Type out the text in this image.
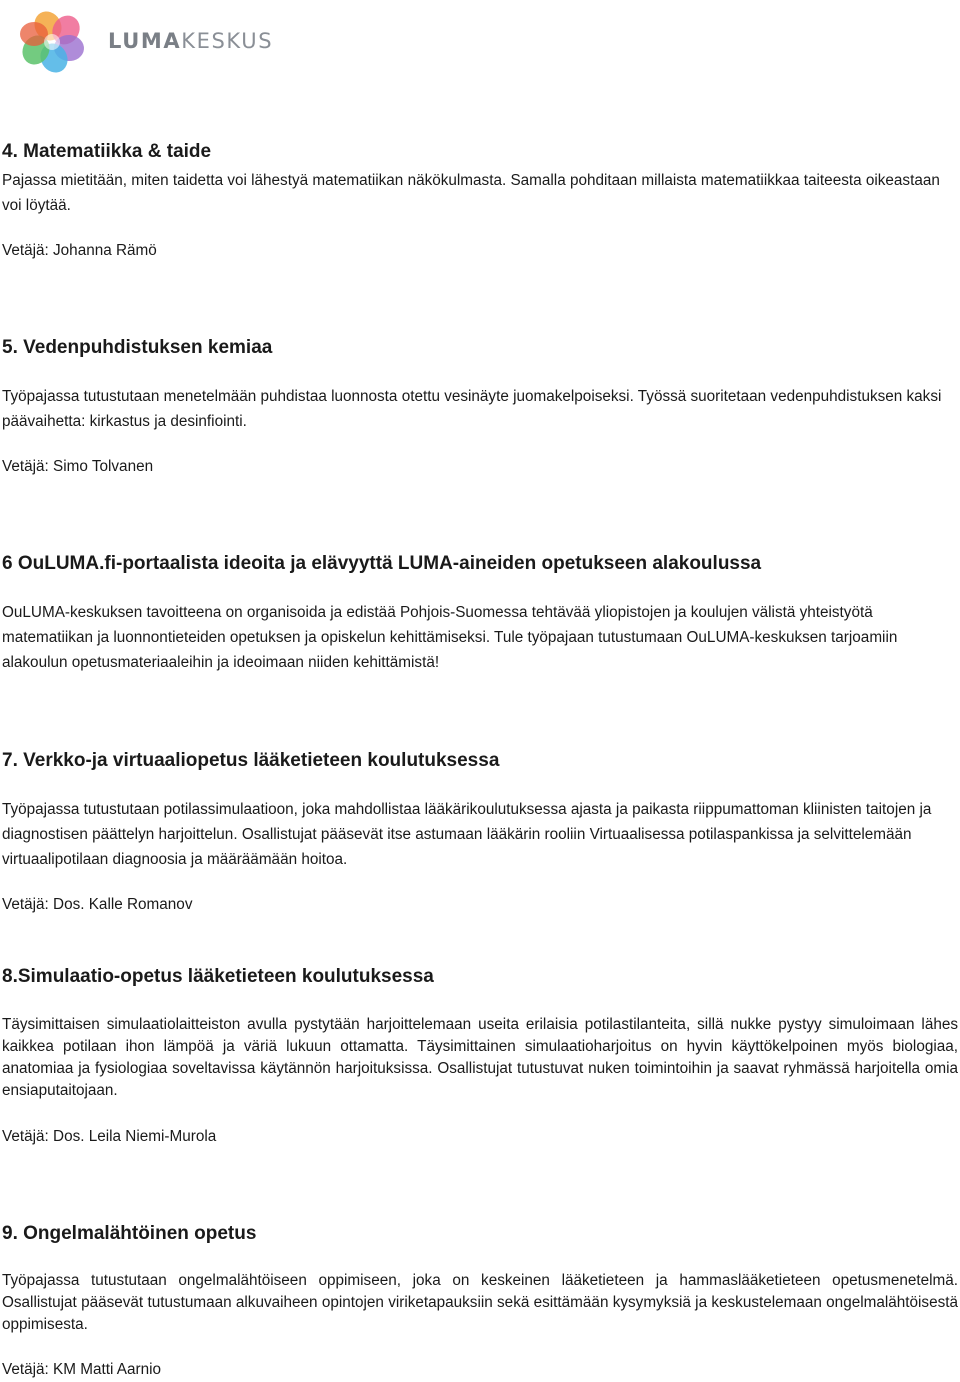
LUMAKESKUS
4. Matematiikka & taide

Pajassa mietitään, miten taidetta voi lähestyä matematiikan näkökulmasta. Samalla pohditaan millaista matematiikkaa taiteesta oikeastaan voi löytää.

Vetäjä: Johanna Rämö

5. Vedenpuhdistuksen kemiaa

Työpajassa tutustutaan menetelmään puhdistaa luonnosta otettu vesinäyte juomakelpoiseksi. Työssä suoritetaan vedenpuhdistuksen kaksi päävaihetta: kirkastus ja desinfiointi.

Vetäjä: Simo Tolvanen

6 OuLUMA.fi-portaalista ideoita ja elävyyttä LUMA-aineiden opetukseen alakoulussa

OuLUMA-keskuksen tavoitteena on organisoida ja edistää Pohjois-Suomessa tehtävää yliopistojen ja koulujen välistä yhteistyötä matematiikan ja luonnontieteiden opetuksen ja opiskelun kehittämiseksi. Tule työpajaan tutustumaan OuLUMA-keskuksen tarjoamiin alakoulun opetusmateriaaleihin ja ideoimaan niiden kehittämistä!

7. Verkko-ja virtuaaliopetus lääketieteen koulutuksessa

Työpajassa tutustutaan potilassimulaatioon, joka mahdollistaa lääkärikoulutuksessa ajasta ja paikasta riippumattoman kliinisten taitojen ja diagnostisen päättelyn harjoittelun. Osallistujat pääsevät itse astumaan lääkärin rooliin Virtuaalisessa potilaspankissa ja selvittelemään virtuaalipotilaan diagnoosia ja määräämään hoitoa.

Vetäjä: Dos. Kalle Romanov

8.Simulaatio-opetus lääketieteen koulutuksessa

Täysimittaisen simulaatiolaitteiston avulla pystytään harjoittelemaan useita erilaisia potilastilanteita, sillä nukke pystyy simuloimaan lähes kaikkea potilaan ihon lämpöä ja väriä lukuun ottamatta. Täysimittainen simulaatioharjoitus on hyvin käyttökelpoinen myös biologiaa, anatomiaa ja fysiologiaa soveltavissa käytännön harjoituksissa. Osallistujat tutustuvat nuken toimintoihin ja saavat ryhmässä harjoitella omia ensiaputaitojaan.

Vetäjä: Dos. Leila Niemi-Murola

9. Ongelmalähtöinen opetus

Työpajassa tutustutaan ongelmalähtöiseen oppimiseen, joka on keskeinen lääketieteen ja hammaslääketieteen opetusmenetelmä. Osallistujat pääsevät tutustumaan alkuvaiheen opintojen viriketapauksiin sekä esittämään kysymyksiä ja keskustelemaan ongelmalähtöisestä oppimisesta.

Vetäjä: KM Matti Aarnio
